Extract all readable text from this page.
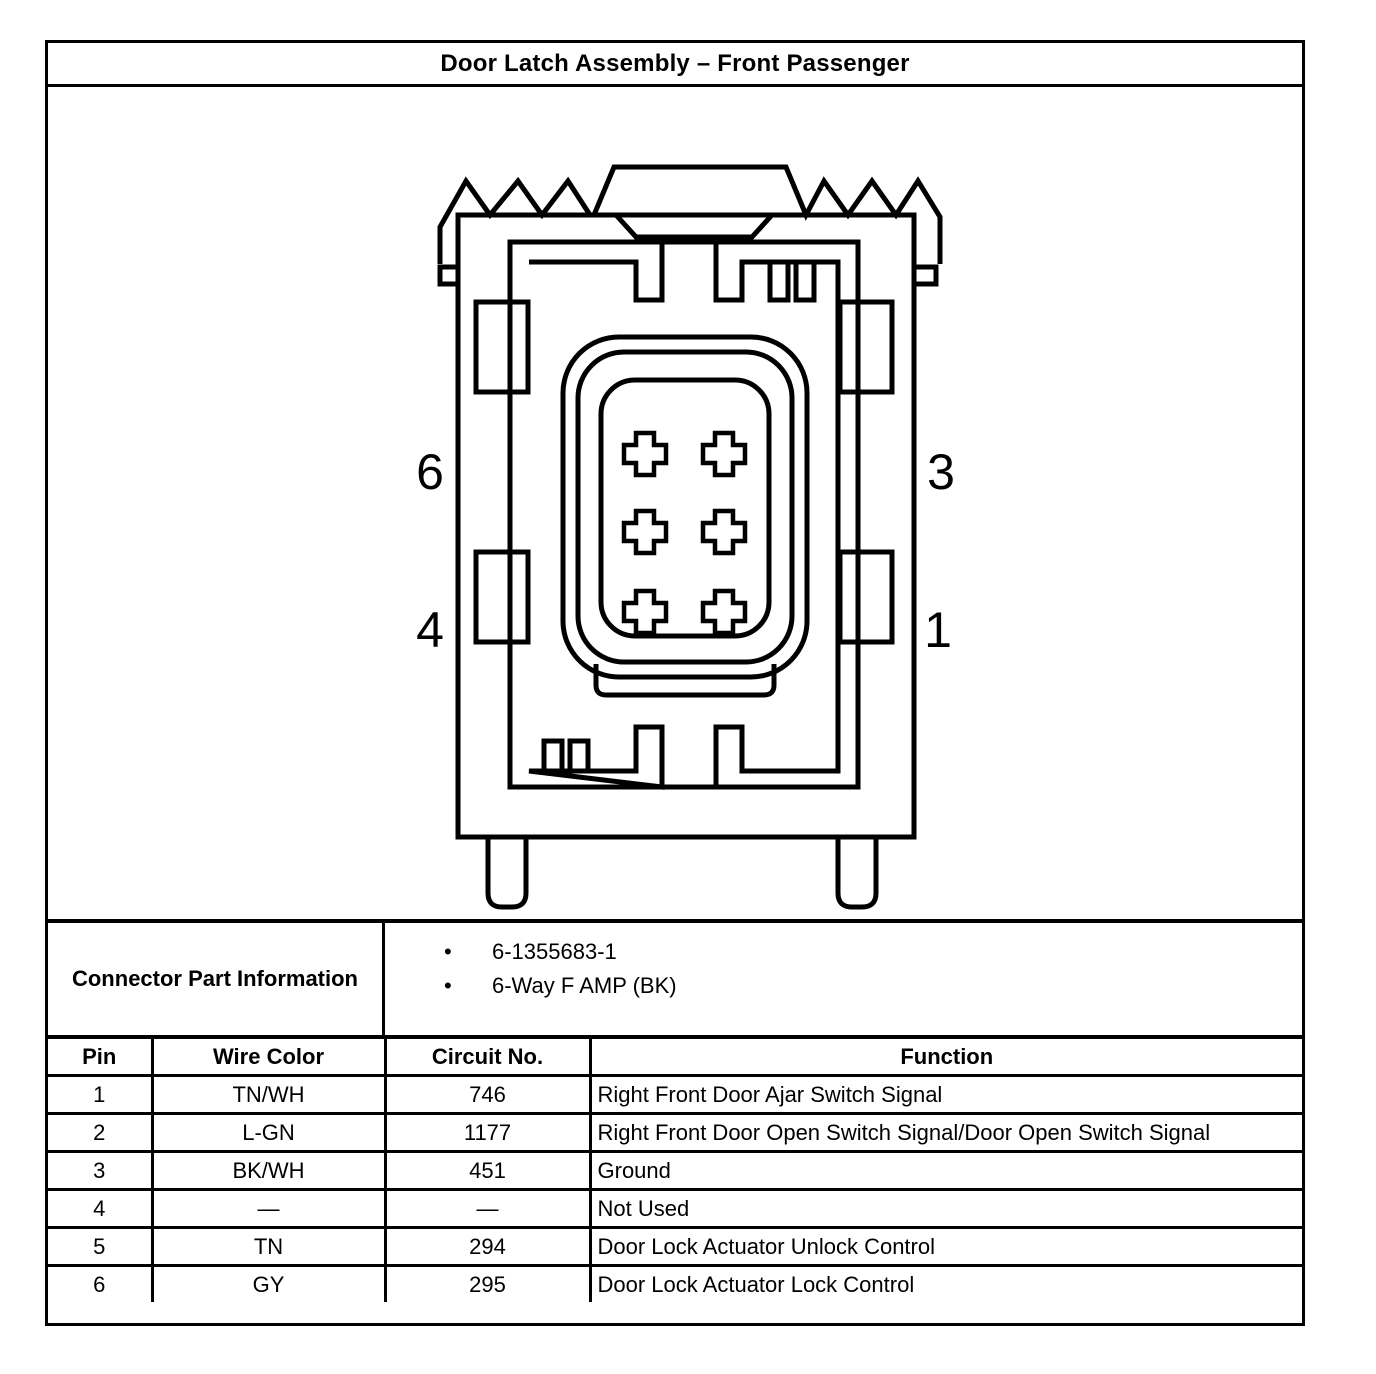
Door Latch Assembly – Front Passenger
6	3
4	1
Connector Part Information
• 6-1355683-1
• 6-Way F AMP (BK)
Pin	Wire Color	Circuit No.	Function
1	TN/WH	746	Right Front Door Ajar Switch Signal
2	L-GN	1177	Right Front Door Open Switch Signal/Door Open Switch Signal
3	BK/WH	451	Ground
4	—	—	Not Used
5	TN	294	Door Lock Actuator Unlock Control
6	GY	295	Door Lock Actuator Lock Control
